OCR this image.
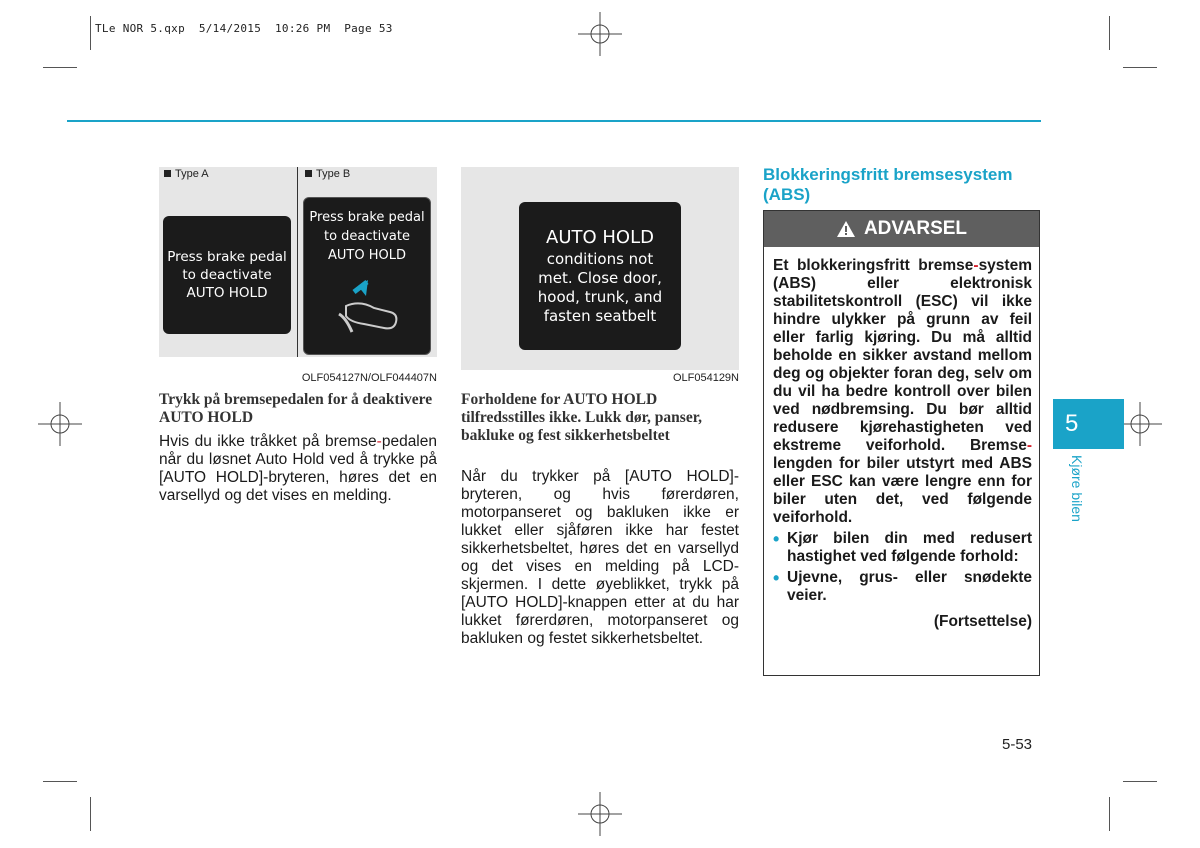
TLe NOR 5.qxp  5/14/2015  10:26 PM  Page 53
Type A	Type B
Press brake pedal
to deactivate
AUTO HOLD
Press brake pedal
to deactivate
AUTO HOLD
OLF054127N/OLF044407N
AUTO HOLD
conditions not
met. Close door,
hood, trunk, and
fasten seatbelt
OLF054129N
Trykk på bremsepedalen for å deaktivere AUTO HOLD
Hvis du ikke tråkket på bremse-pedalen når du løsnet Auto Hold ved å trykke på [AUTO HOLD]-bryteren, høres det en varsellyd og det vises en melding.
Forholdene for AUTO HOLD tilfredsstilles ikke. Lukk dør, panser, bakluke og fest sikkerhetsbeltet
Når du trykker på [AUTO HOLD]-bryteren, og hvis førerdøren, motorpanseret og bakluken ikke er lukket eller sjåføren ikke har festet sikkerhetsbeltet, høres det en varsellyd og det vises en melding på LCD-skjermen. I dette øyeblikket, trykk på [AUTO HOLD]-knappen etter at du har lukket førerdøren, motorpanseret og bakluken og festet sikkerhetsbeltet.
Blokkeringsfritt bremsesystem (ABS)
ADVARSEL

Et blokkeringsfritt bremse-system (ABS) eller elektronisk stabilitetskontroll (ESC) vil ikke hindre ulykker på grunn av feil eller farlig kjøring. Du må alltid beholde en sikker avstand mellom deg og objekter foran deg, selv om du vil ha bedre kontroll over bilen ved nødbremsing. Du bør alltid redusere kjørehastigheten ved ekstreme veiforhold. Bremse-lengden for biler utstyrt med ABS eller ESC kan være lengre enn for biler uten det, ved følgende veiforhold.

• Kjør bilen din med redusert hastighet ved følgende forhold:

• Ujevne, grus- eller snødekte veier.

(Fortsettelse)

5
Kjøre bilen
5-53
